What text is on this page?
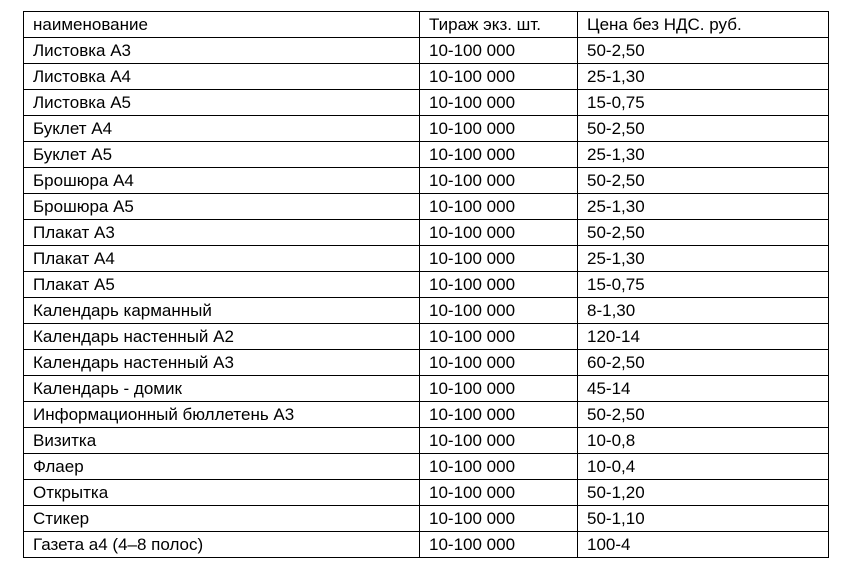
наименование	Тираж экз. шт.	Цена без НДС. руб.
Листовка А3	10-100 000	50-2,50
Листовка А4	10-100 000	25-1,30
Листовка А5	10-100 000	15-0,75
Буклет А4	10-100 000	50-2,50
Буклет А5	10-100 000	25-1,30
Брошюра А4	10-100 000	50-2,50
Брошюра А5	10-100 000	25-1,30
Плакат А3	10-100 000	50-2,50
Плакат А4	10-100 000	25-1,30
Плакат А5	10-100 000	15-0,75
Календарь карманный	10-100 000	8-1,30
Календарь настенный А2	10-100 000	120-14
Календарь настенный А3	10-100 000	60-2,50
Календарь - домик	10-100 000	45-14
Информационный бюллетень А3	10-100 000	50-2,50
Визитка	10-100 000	10-0,8
Флаер	10-100 000	10-0,4
Открытка	10-100 000	50-1,20
Стикер	10-100 000	50-1,10
Газета а4 (4–8 полос)	10-100 000	100-4
